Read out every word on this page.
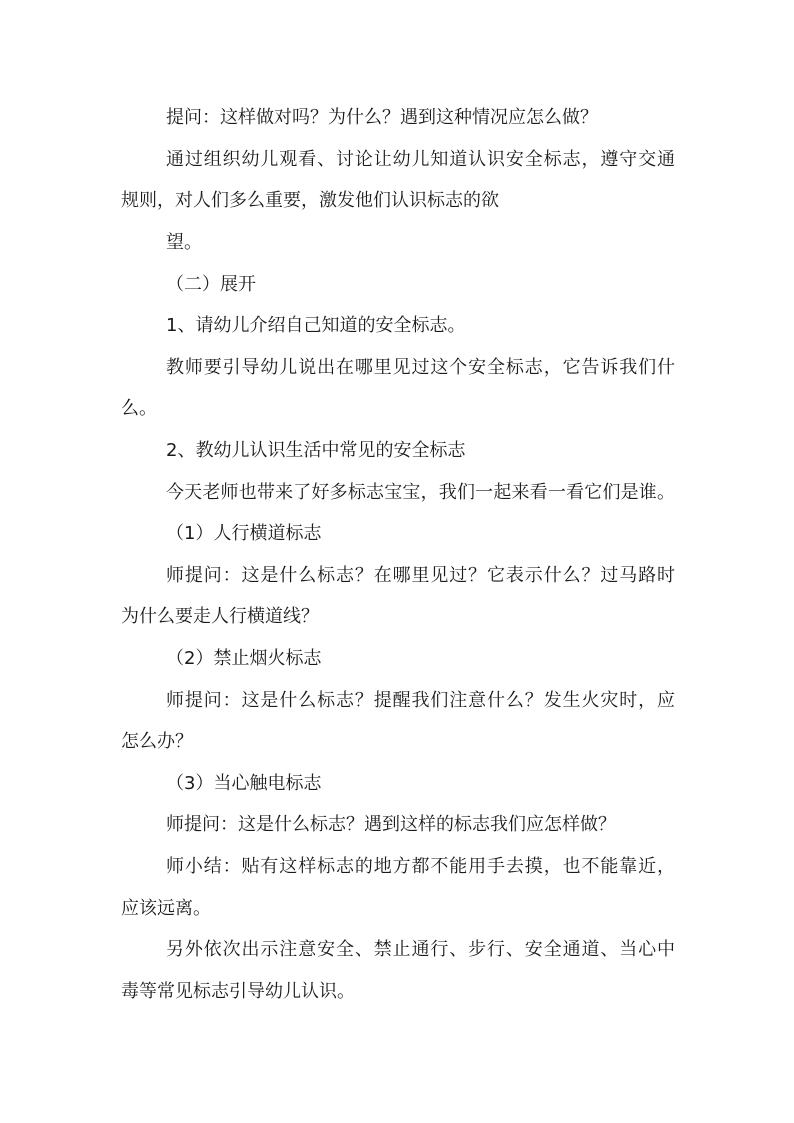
提问：这样做对吗？为什么？遇到这种情况应怎么做？
通过组织幼儿观看、讨论让幼儿知道认识安全标志，遵守交通
规则，对人们多么重要，激发他们认识标志的欲
望。
（二）展开
1、请幼儿介绍自己知道的安全标志。
教师要引导幼儿说出在哪里见过这个安全标志，它告诉我们什
么。
2、教幼儿认识生活中常见的安全标志
今天老师也带来了好多标志宝宝，我们一起来看一看它们是谁。
（1）人行横道标志
师提问：这是什么标志？在哪里见过？它表示什么？过马路时
为什么要走人行横道线？
（2）禁止烟火标志
师提问：这是什么标志？提醒我们注意什么？发生火灾时，应
怎么办？
（3）当心触电标志
师提问：这是什么标志？遇到这样的标志我们应怎样做？
师小结：贴有这样标志的地方都不能用手去摸，也不能靠近，
应该远离。
另外依次出示注意安全、禁止通行、步行、安全通道、当心中
毒等常见标志引导幼儿认识。
